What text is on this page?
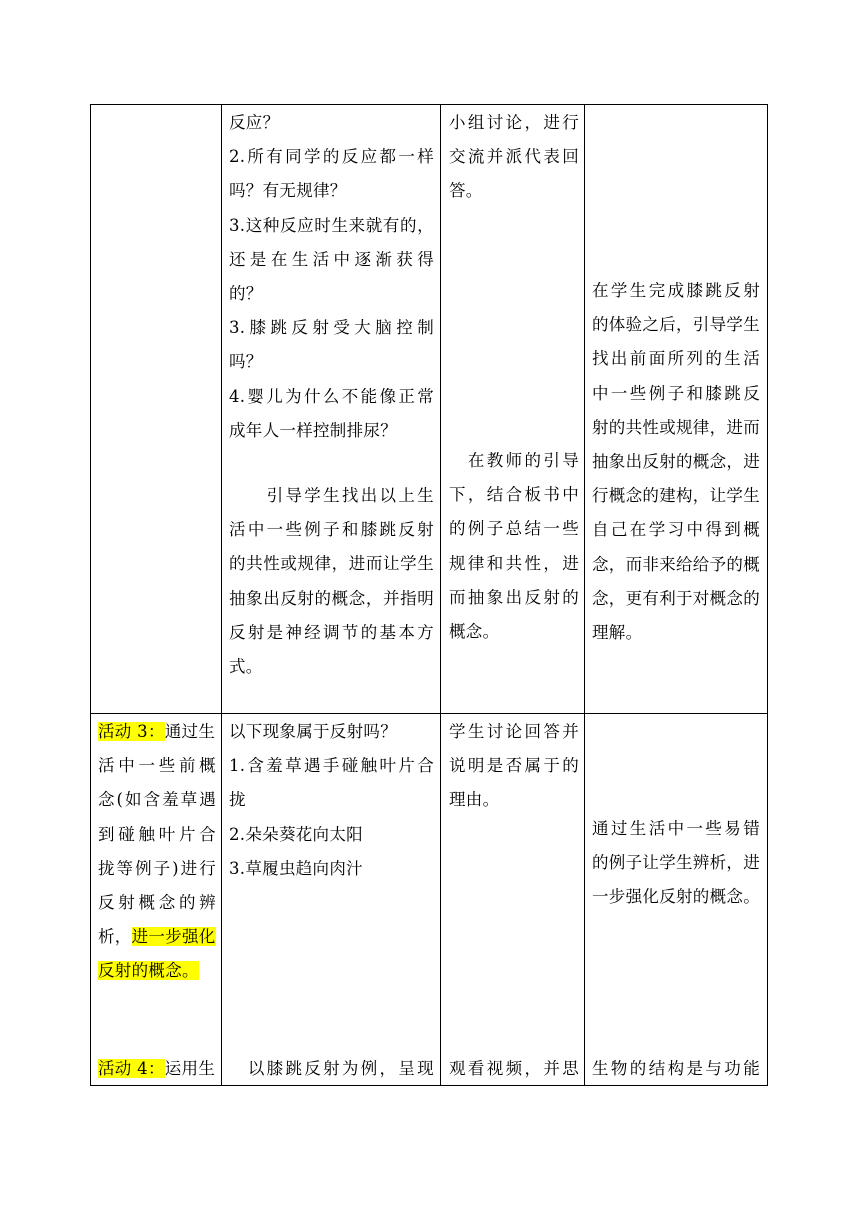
反应？
2.所有同学的反应都一样
吗？有无规律？
3.这种反应时生来就有的，
还是在生活中逐渐获得
的？
3.膝跳反射受大脑控制
吗？
4.婴儿为什么不能像正常
成年人一样控制排尿？
　　引导学生找出以上生
活中一些例子和膝跳反射
的共性或规律，进而让学生
抽象出反射的概念，并指明
反射是神经调节的基本方
式。
小组讨论，进行
交流并派代表回
答。
　在教师的引导
下，结合板书中
的例子总结一些
规律和共性，进
而抽象出反射的
概念。
在学生完成膝跳反射
的体验之后，引导学生
找出前面所列的生活
中一些例子和膝跳反
射的共性或规律，进而
抽象出反射的概念，进
行概念的建构，让学生
自己在学习中得到概
念，而非来给给予的概
念，更有利于对概念的
理解。
活动 3：通过生
活中一些前概
念(如含羞草遇
到碰触叶片合
拢等例子)进行
反射概念的辨
析，进一步强化
反射的概念。
以下现象属于反射吗？
1.含羞草遇手碰触叶片合
拢
2.朵朵葵花向太阳
3.草履虫趋向肉汁
学生讨论回答并
说明是否属于的
理由。
通过生活中一些易错
的例子让学生辨析，进
一步强化反射的概念。
活动 4：运用生 　以膝跳反射为例，呈现 观看视频，并思 生物的结构是与功能
